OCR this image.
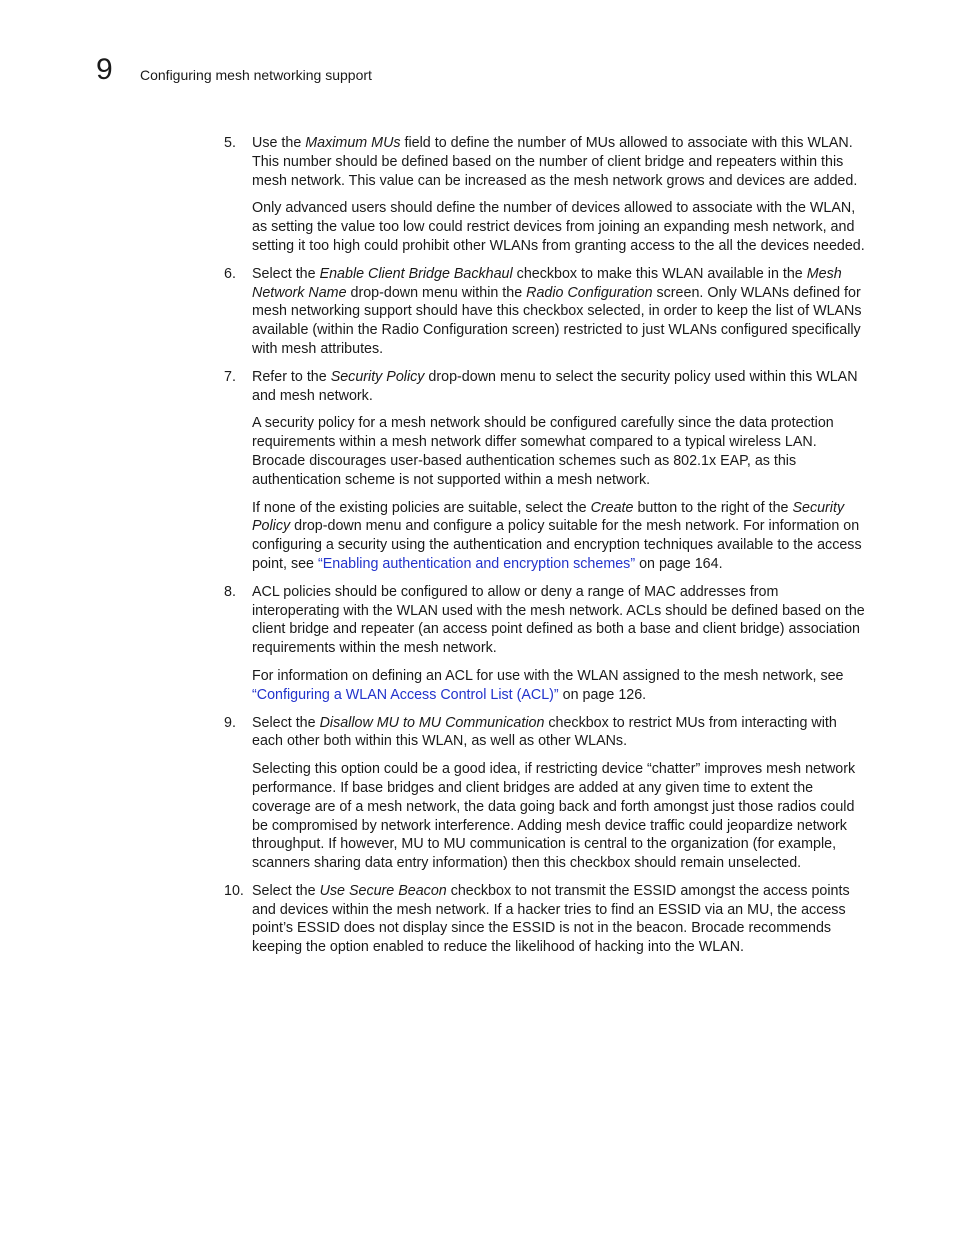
9 Configuring mesh networking support
5.	Use the Maximum MUs field to define the number of MUs allowed to associate with this WLAN. This number should be defined based on the number of client bridge and repeaters within this mesh network. This value can be increased as the mesh network grows and devices are added.

Only advanced users should define the number of devices allowed to associate with the WLAN, as setting the value too low could restrict devices from joining an expanding mesh network, and setting it too high could prohibit other WLANs from granting access to the all the devices needed.

6.	Select the Enable Client Bridge Backhaul checkbox to make this WLAN available in the Mesh Network Name drop-down menu within the Radio Configuration screen. Only WLANs defined for mesh networking support should have this checkbox selected, in order to keep the list of WLANs available (within the Radio Configuration screen) restricted to just WLANs configured specifically with mesh attributes.

7.	Refer to the Security Policy drop-down menu to select the security policy used within this WLAN and mesh network.

A security policy for a mesh network should be configured carefully since the data protection requirements within a mesh network differ somewhat compared to a typical wireless LAN. Brocade discourages user-based authentication schemes such as 802.1x EAP, as this authentication scheme is not supported within a mesh network.

If none of the existing policies are suitable, select the Create button to the right of the Security Policy drop-down menu and configure a policy suitable for the mesh network. For information on configuring a security using the authentication and encryption techniques available to the access point, see “Enabling authentication and encryption schemes” on page 164.

8.	ACL policies should be configured to allow or deny a range of MAC addresses from interoperating with the WLAN used with the mesh network. ACLs should be defined based on the client bridge and repeater (an access point defined as both a base and client bridge) association requirements within the mesh network.

For information on defining an ACL for use with the WLAN assigned to the mesh network, see “Configuring a WLAN Access Control List (ACL)” on page 126.

9.	Select the Disallow MU to MU Communication checkbox to restrict MUs from interacting with each other both within this WLAN, as well as other WLANs.

Selecting this option could be a good idea, if restricting device “chatter” improves mesh network performance. If base bridges and client bridges are added at any given time to extent the coverage are of a mesh network, the data going back and forth amongst just those radios could be compromised by network interference. Adding mesh device traffic could jeopardize network throughput. If however, MU to MU communication is central to the organization (for example, scanners sharing data entry information) then this checkbox should remain unselected.

10. Select the Use Secure Beacon checkbox to not transmit the ESSID amongst the access points and devices within the mesh network. If a hacker tries to find an ESSID via an MU, the access point’s ESSID does not display since the ESSID is not in the beacon. Brocade recommends keeping the option enabled to reduce the likelihood of hacking into the WLAN.
